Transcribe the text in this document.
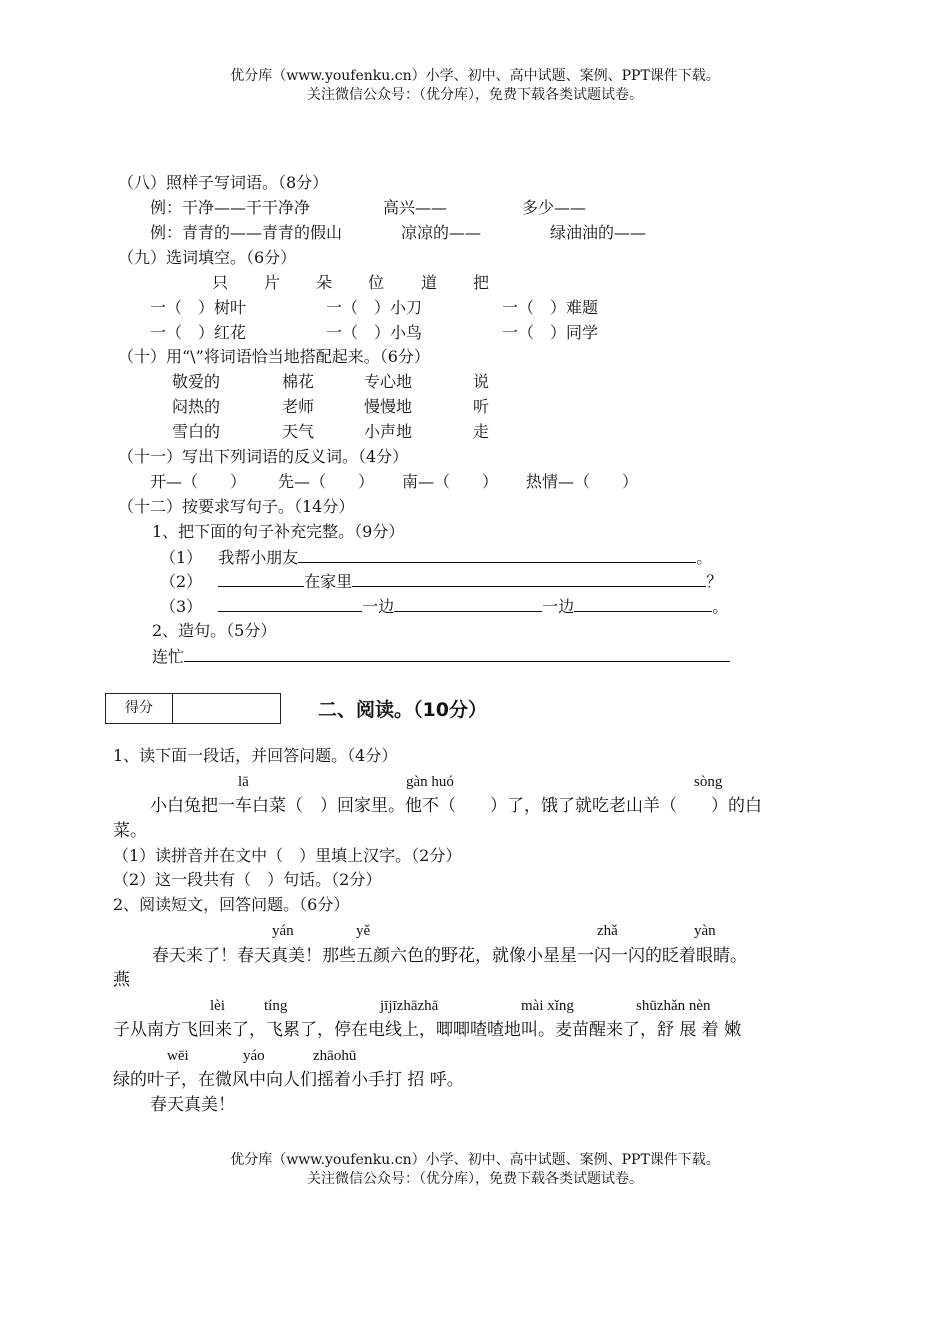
优分库（www.youfenku.cn）小学、初中、高中试题、案例、PPT课件下载。
关注微信公众号：（优分库），免费下载各类试题试卷。
（八）照样子写词语。（8分）
例：干净——干干净净	高兴——	多少——
例：青青的——青青的假山	凉凉的——	绿油油的——
（九）选词填空。（6分）
只 片 朵 位 道 把
一（　）树叶	一（　）小刀	一（　）难题
一（　）红花	一（　）小鸟	一（　）同学
（十）用“\”将词语恰当地搭配起来。（6分）
敬爱的	棉花	专心地	说
闷热的	老师	慢慢地	听
雪白的	天气	小声地	走
（十一）写出下列词语的反义词。（4分）
开—（　　） 先—（　　） 南—（　　） 热情—（　　）
（十二）按要求写句子。（14分）
1、把下面的句子补充完整。（9分）
（1） 我帮小朋友	。
（2）	在家里	？
（3）	一边	一边	。
2、造句。（5分）
连忙
得分	二、阅读。（10分）
1、读下面一段话，并回答问题。（4分）
lā	gàn huó	sòng
小白兔把一车白菜（　）回家里。他不（　　）了，饿了就吃老山羊（　　）的白
菜。
（1）读拼音并在文中（　）里填上汉字。（2分）
（2）这一段共有（　）句话。（2分）
2、阅读短文，回答问题。（6分）
yán	yě	zhǎ	yàn
春天来了！春天真美！那些五颜六色的野花，就像小星星一闪一闪的眨着眼睛。
燕
lèi	tíng	jījīzhāzhā	mài xǐng	shūzhǎn nèn
子从南方飞回来了，飞累了，停在电线上，唧唧喳喳地叫。麦苗醒来了，舒 展 着 嫩
wēi	yáo	zhāohū
绿的叶子，在微风中向人们摇着小手打 招 呼。
春天真美！
优分库（www.youfenku.cn）小学、初中、高中试题、案例、PPT课件下载。
关注微信公众号：（优分库），免费下载各类试题试卷。
